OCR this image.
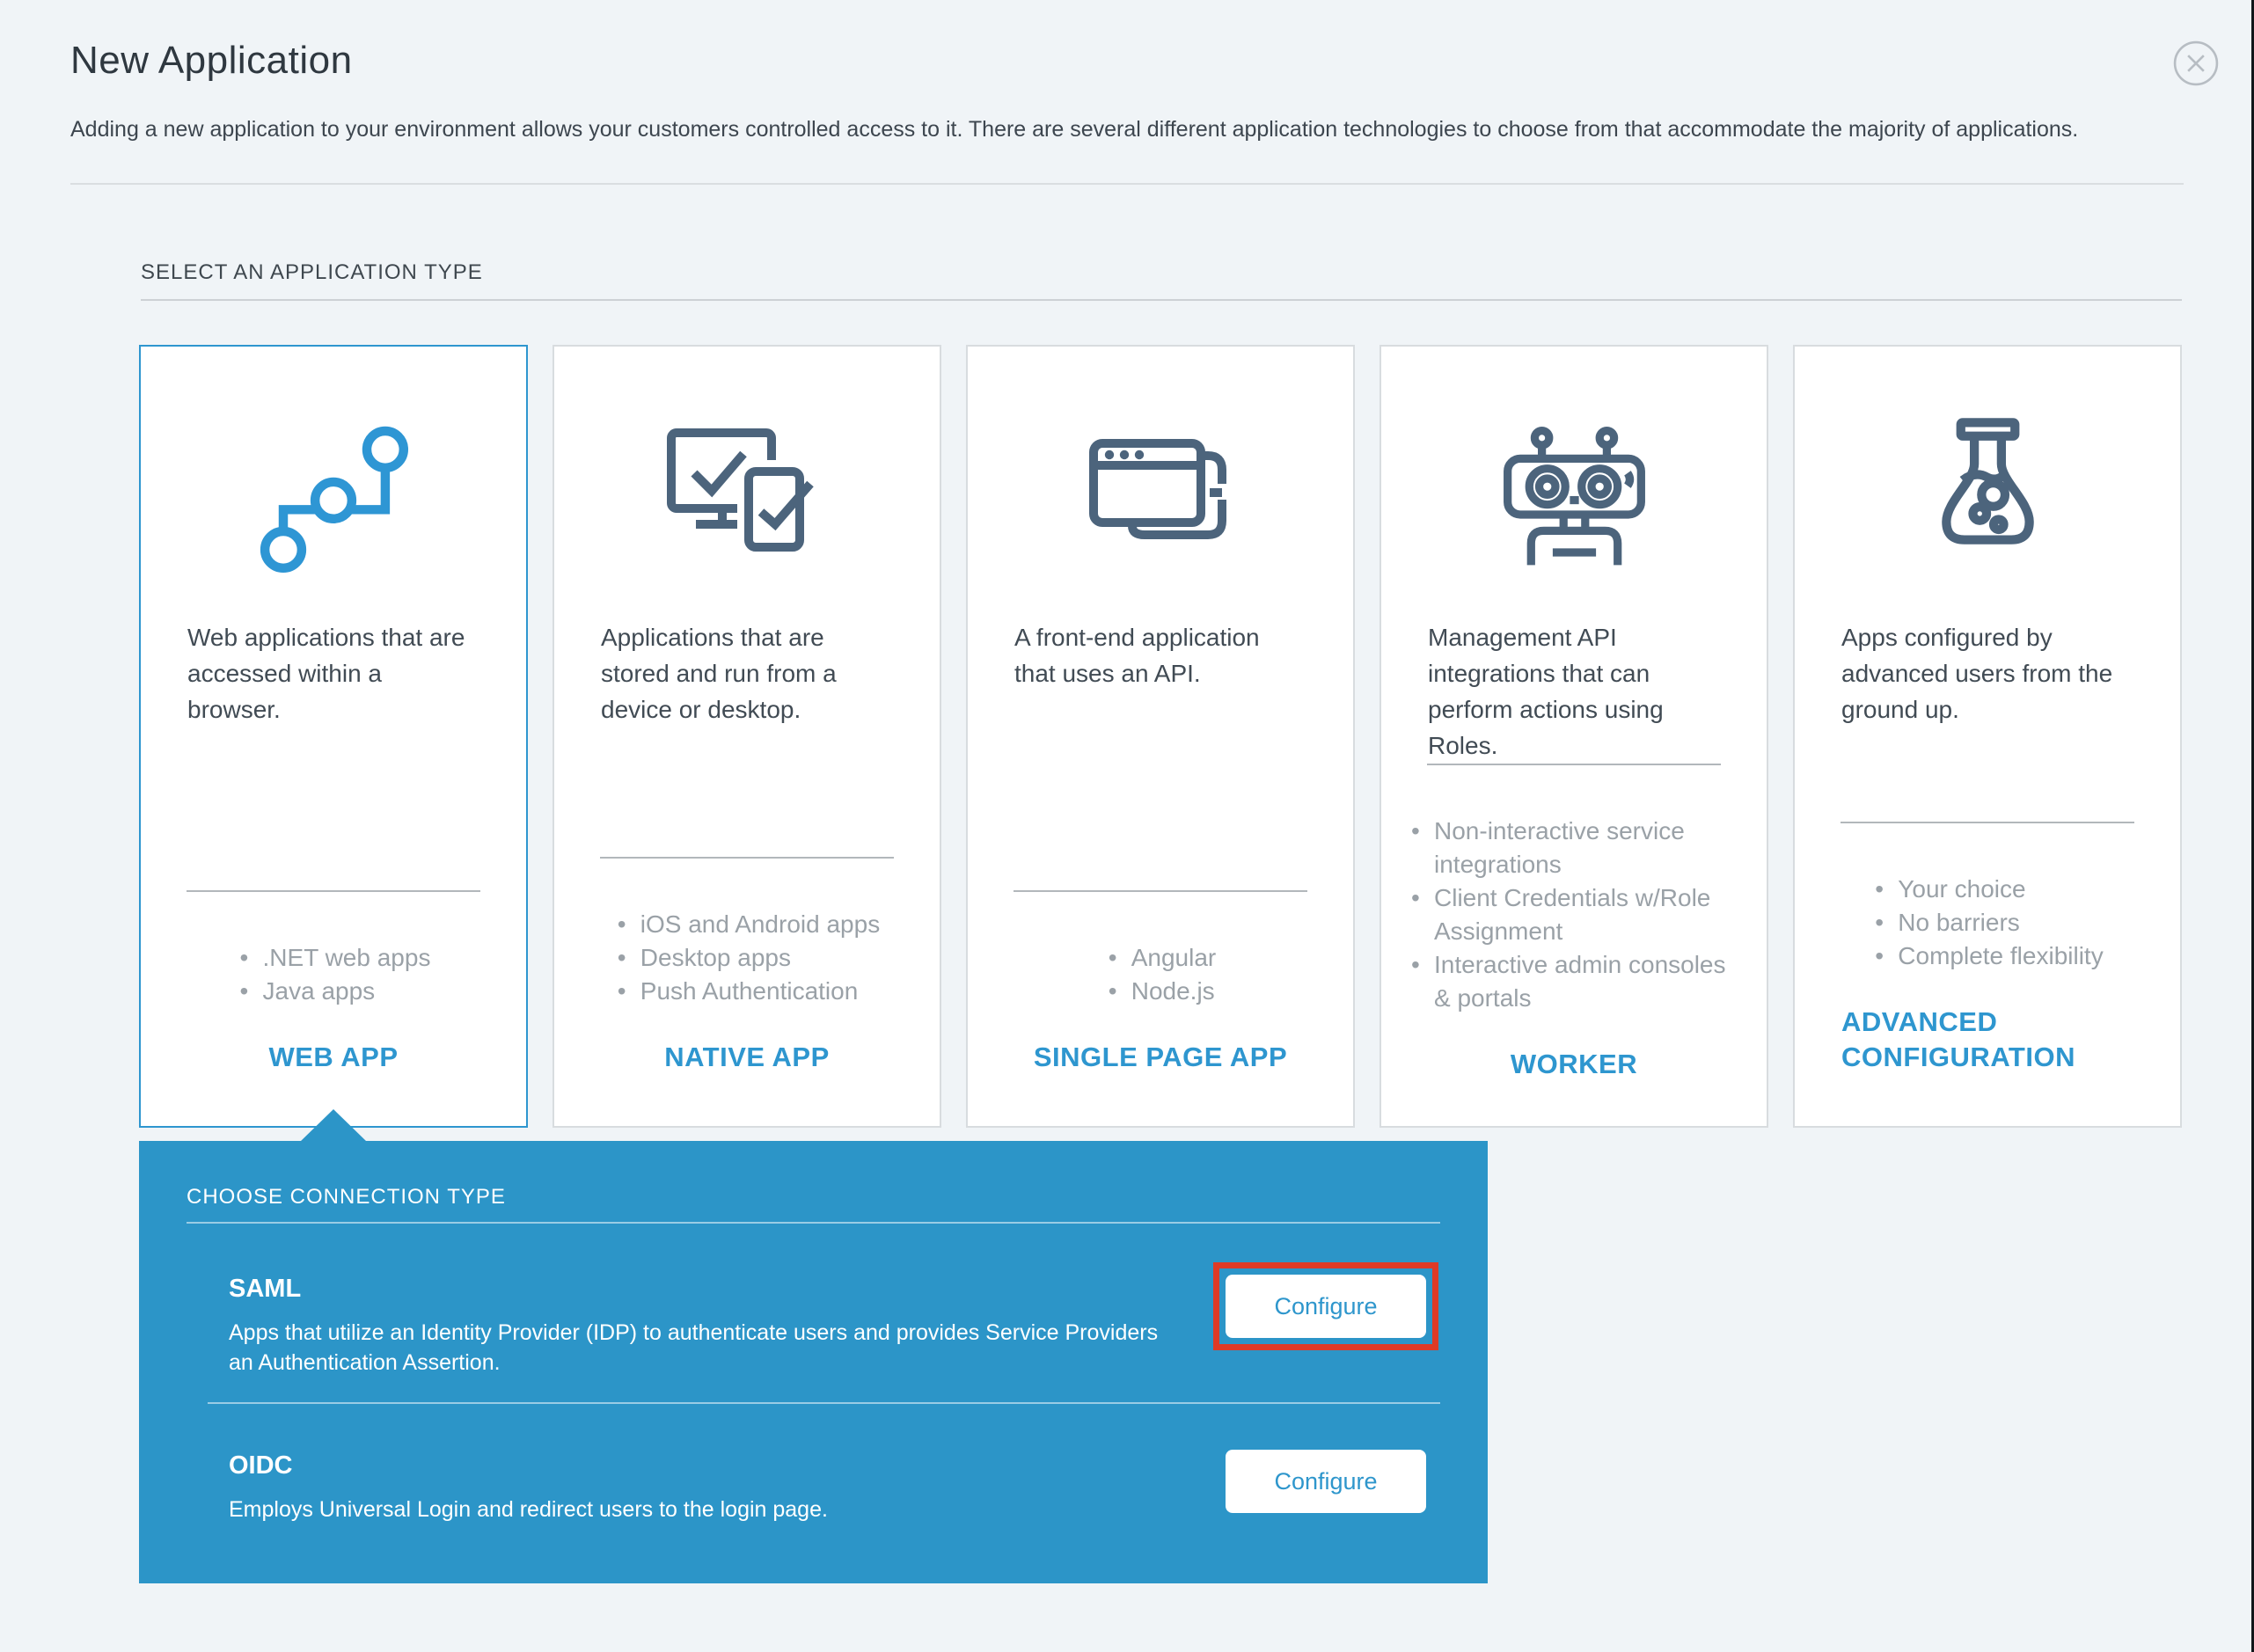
New Application

Adding a new application to your environment allows your customers controlled access to it. There are several different application technologies to choose from that accommodate the majority of applications.

SELECT AN APPLICATION TYPE

Web applications that are accessed within a browser.

• .NET web apps
• Java apps
WEB APP

Applications that are stored and run from a device or desktop.

• iOS and Android apps
• Desktop apps
• Push Authentication
NATIVE APP

A front-end application that uses an API.

• Angular
• Node.js
SINGLE PAGE APP

Management API integrations that can perform actions using Roles.

• Non-interactive service integrations
• Client Credentials w/Role Assignment
• Interactive admin consoles & portals
WORKER

Apps configured by advanced users from the ground up.

• Your choice
• No barriers
• Complete flexibility
ADVANCED CONFIGURATION
CHOOSE CONNECTION TYPE
SAML
Apps that utilize an Identity Provider (IDP) to authenticate users and provides Service Providers an Authentication Assertion.
Configure
OIDC
Employs Universal Login and redirect users to the login page.
Configure
